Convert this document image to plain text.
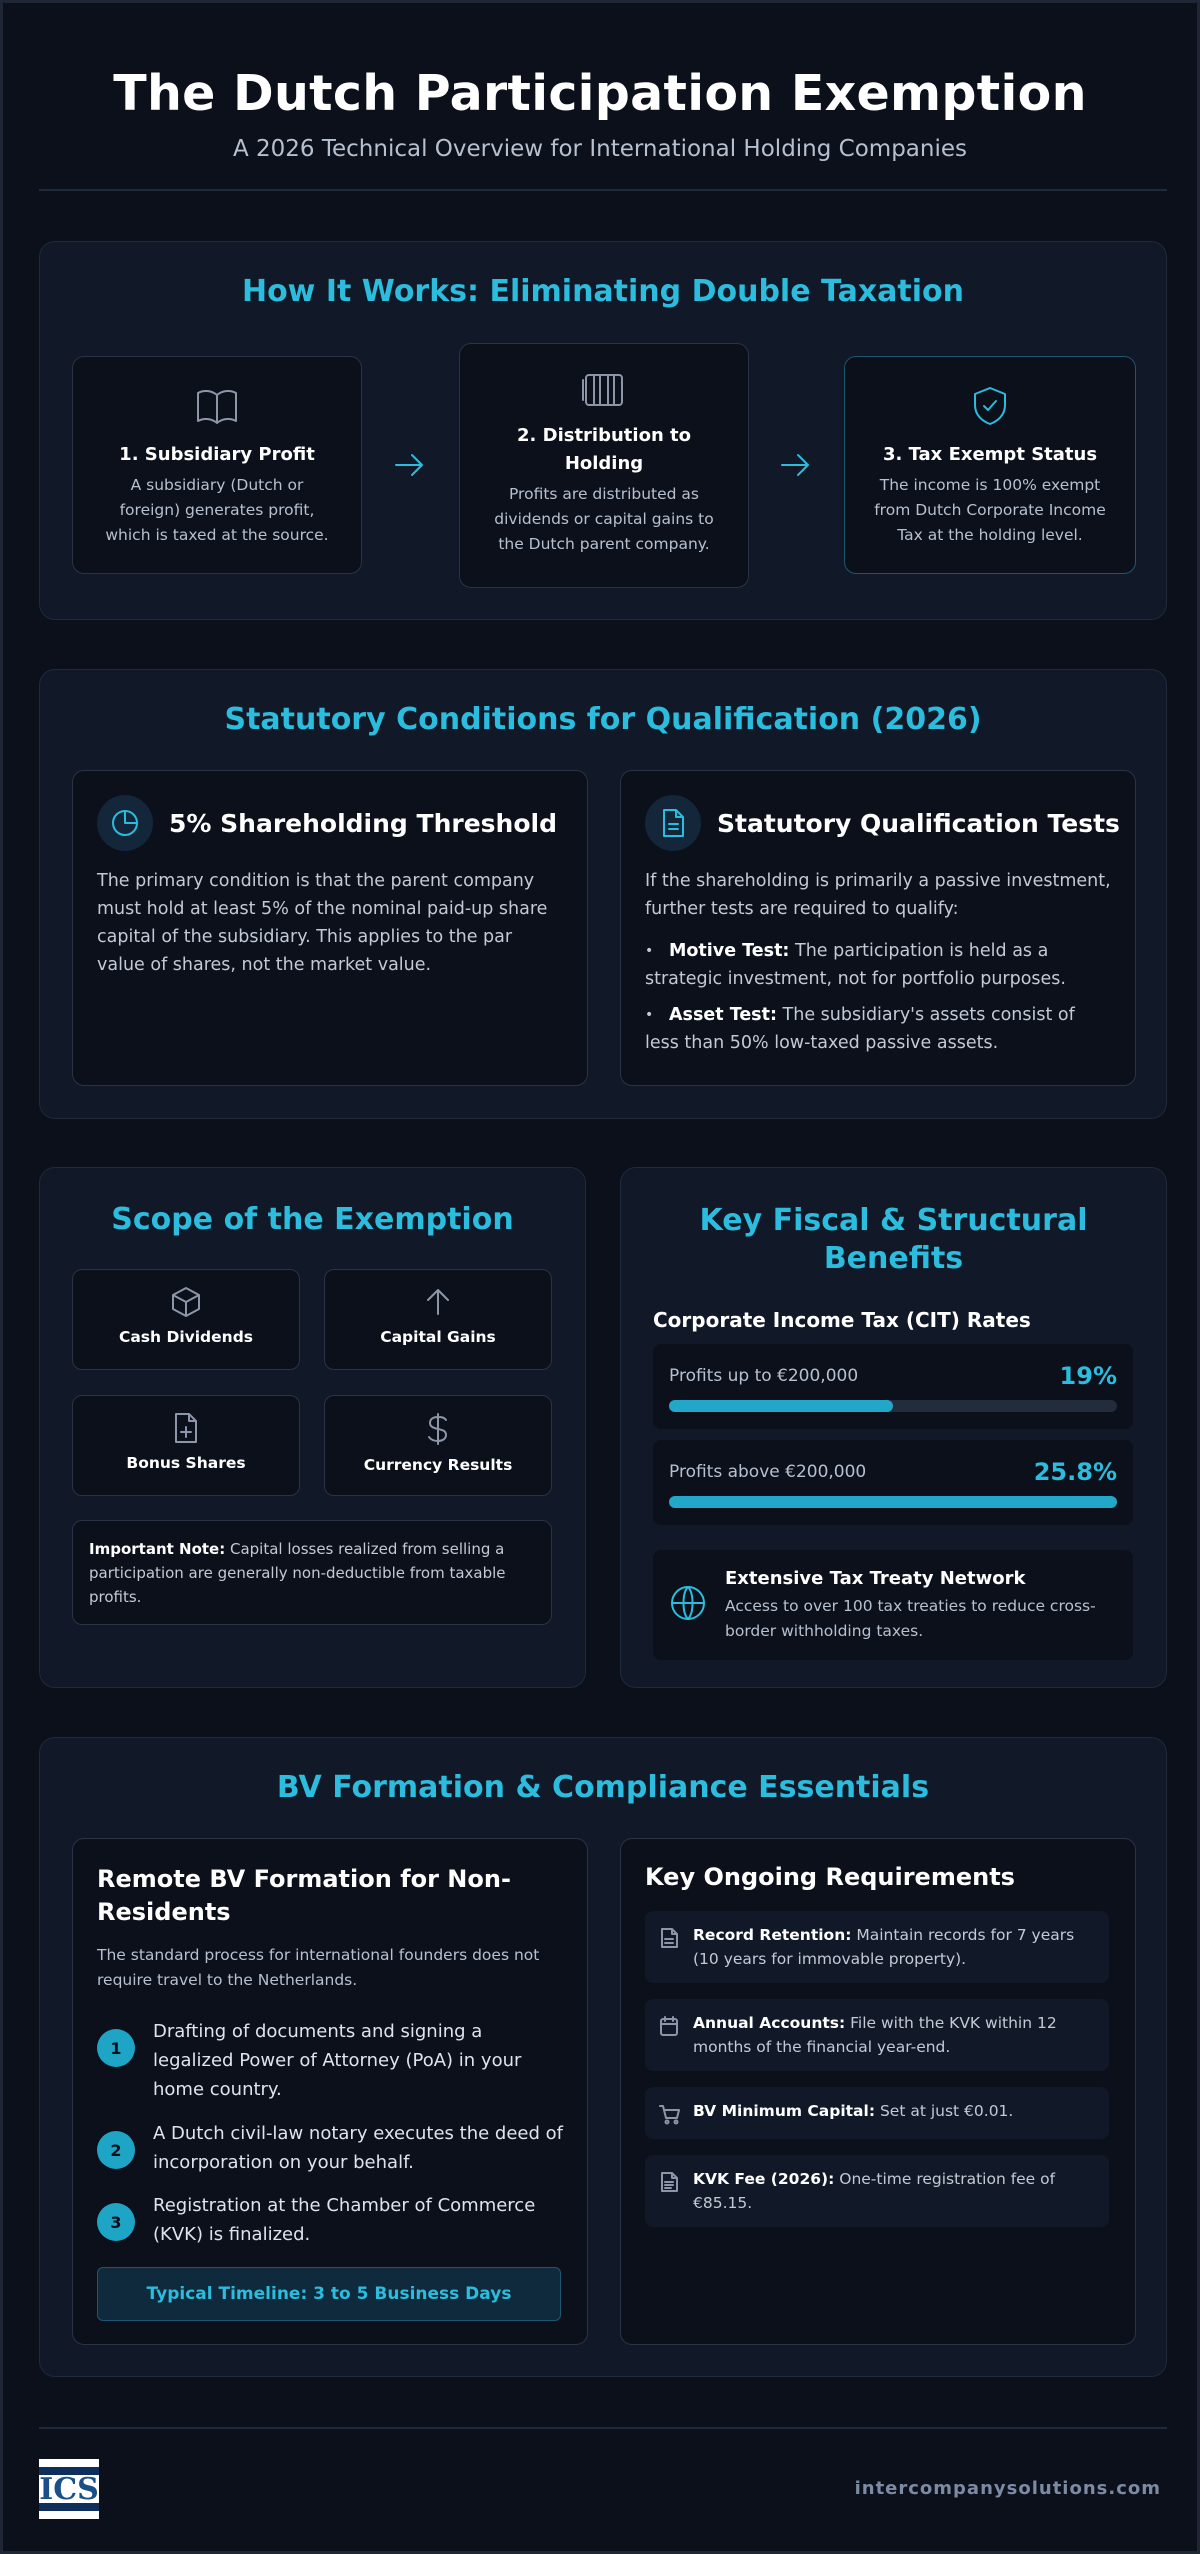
The Dutch Participation Exemption
A 2026 Technical Overview for International Holding Companies
How It Works: Eliminating Double Taxation
1. Subsidiary Profit

A subsidiary (Dutch or foreign) generates profit, which is taxed at the source.

2. Distribution to Holding

Profits are distributed as dividends or capital gains to the Dutch parent company.

3. Tax Exempt Status

The income is 100% exempt from Dutch Corporate Income Tax at the holding level.

Statutory Conditions for Qualification (2026)
5% Shareholding Threshold
The primary condition is that the parent company must hold at least 5% of the nominal paid-up share capital of the subsidiary. This applies to the par value of shares, not the market value.
Statutory Qualification Tests
If the shareholding is primarily a passive investment, further tests are required to qualify:
• Motive Test: The participation is held as a strategic investment, not for portfolio purposes.
• Asset Test: The subsidiary's assets consist of less than 50% low-taxed passive assets.
Scope of the Exemption
Cash Dividends	Capital Gains
Bonus Shares	Currency Results
Important Note: Capital losses realized from selling a participation are generally non-deductible from taxable profits.
Key Fiscal & Structural Benefits
Corporate Income Tax (CIT) Rates
Profits up to €200,000	19%
Profits above €200,000	25.8%
Extensive Tax Treaty Network

Access to over 100 tax treaties to reduce cross-border withholding taxes.

BV Formation & Compliance Essentials
Remote BV Formation for Non-Residents
The standard process for international founders does not require travel to the Netherlands.
1
Drafting of documents and signing a legalized Power of Attorney (PoA) in your home country.
2
A Dutch civil-law notary executes the deed of incorporation on your behalf.
3
Registration at the Chamber of Commerce (KVK) is finalized.
Typical Timeline: 3 to 5 Business Days
Key Ongoing Requirements
Record Retention: Maintain records for 7 years (10 years for immovable property).
Annual Accounts: File with the KVK within 12 months of the financial year-end.
BV Minimum Capital: Set at just €0.01.
KVK Fee (2026): One-time registration fee of €85.15.
ICS	intercompanysolutions.com
